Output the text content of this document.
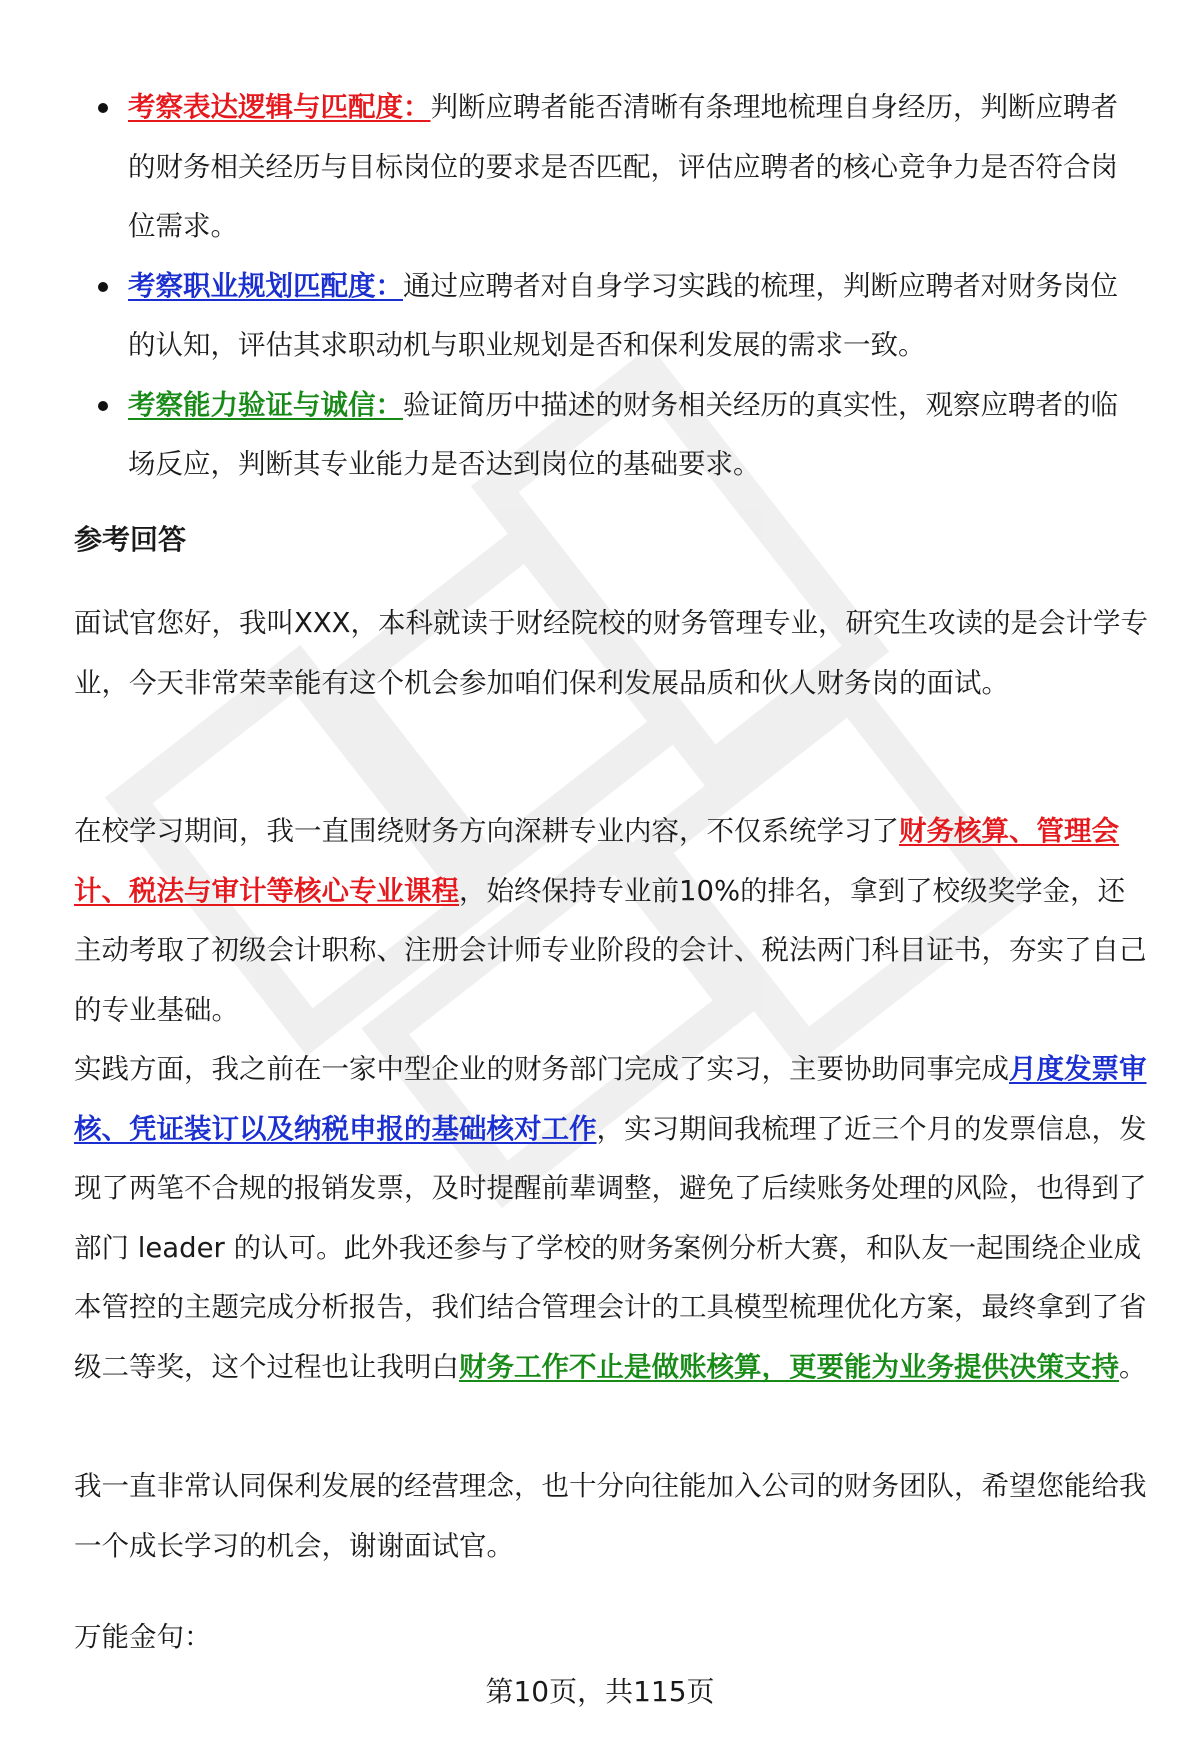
考察表达逻辑与匹配度：判断应聘者能否清晰有条理地梳理自身经历，判断应聘者的财务相关经历与目标岗位的要求是否匹配，评估应聘者的核心竞争力是否符合岗位需求。
考察职业规划匹配度：通过应聘者对自身学习实践的梳理，判断应聘者对财务岗位的认知，评估其求职动机与职业规划是否和保利发展的需求一致。
考察能力验证与诚信：验证简历中描述的财务相关经历的真实性，观察应聘者的临场反应，判断其专业能力是否达到岗位的基础要求。
参考回答

面试官您好，我叫XXX，本科就读于财经院校的财务管理专业，研究生攻读的是会计学专业，今天非常荣幸能有这个机会参加咱们保利发展品质和伙人财务岗的面试。

在校学习期间，我一直围绕财务方向深耕专业内容，不仅系统学习了财务核算、管理会计、税法与审计等核心专业课程，始终保持专业前10%的排名，拿到了校级奖学金，还主动考取了初级会计职称、注册会计师专业阶段的会计、税法两门科目证书，夯实了自己的专业基础。

实践方面，我之前在一家中型企业的财务部门完成了实习，主要协助同事完成月度发票审核、凭证装订以及纳税申报的基础核对工作，实习期间我梳理了近三个月的发票信息，发现了两笔不合规的报销发票，及时提醒前辈调整，避免了后续账务处理的风险，也得到了部门 leader 的认可。此外我还参与了学校的财务案例分析大赛，和队友一起围绕企业成本管控的主题完成分析报告，我们结合管理会计的工具模型梳理优化方案，最终拿到了省级二等奖，这个过程也让我明白财务工作不止是做账核算，更要能为业务提供决策支持。

我一直非常认同保利发展的经营理念，也十分向往能加入公司的财务团队，希望您能给我一个成长学习的机会，谢谢面试官。

万能金句：
第10页，共115页
